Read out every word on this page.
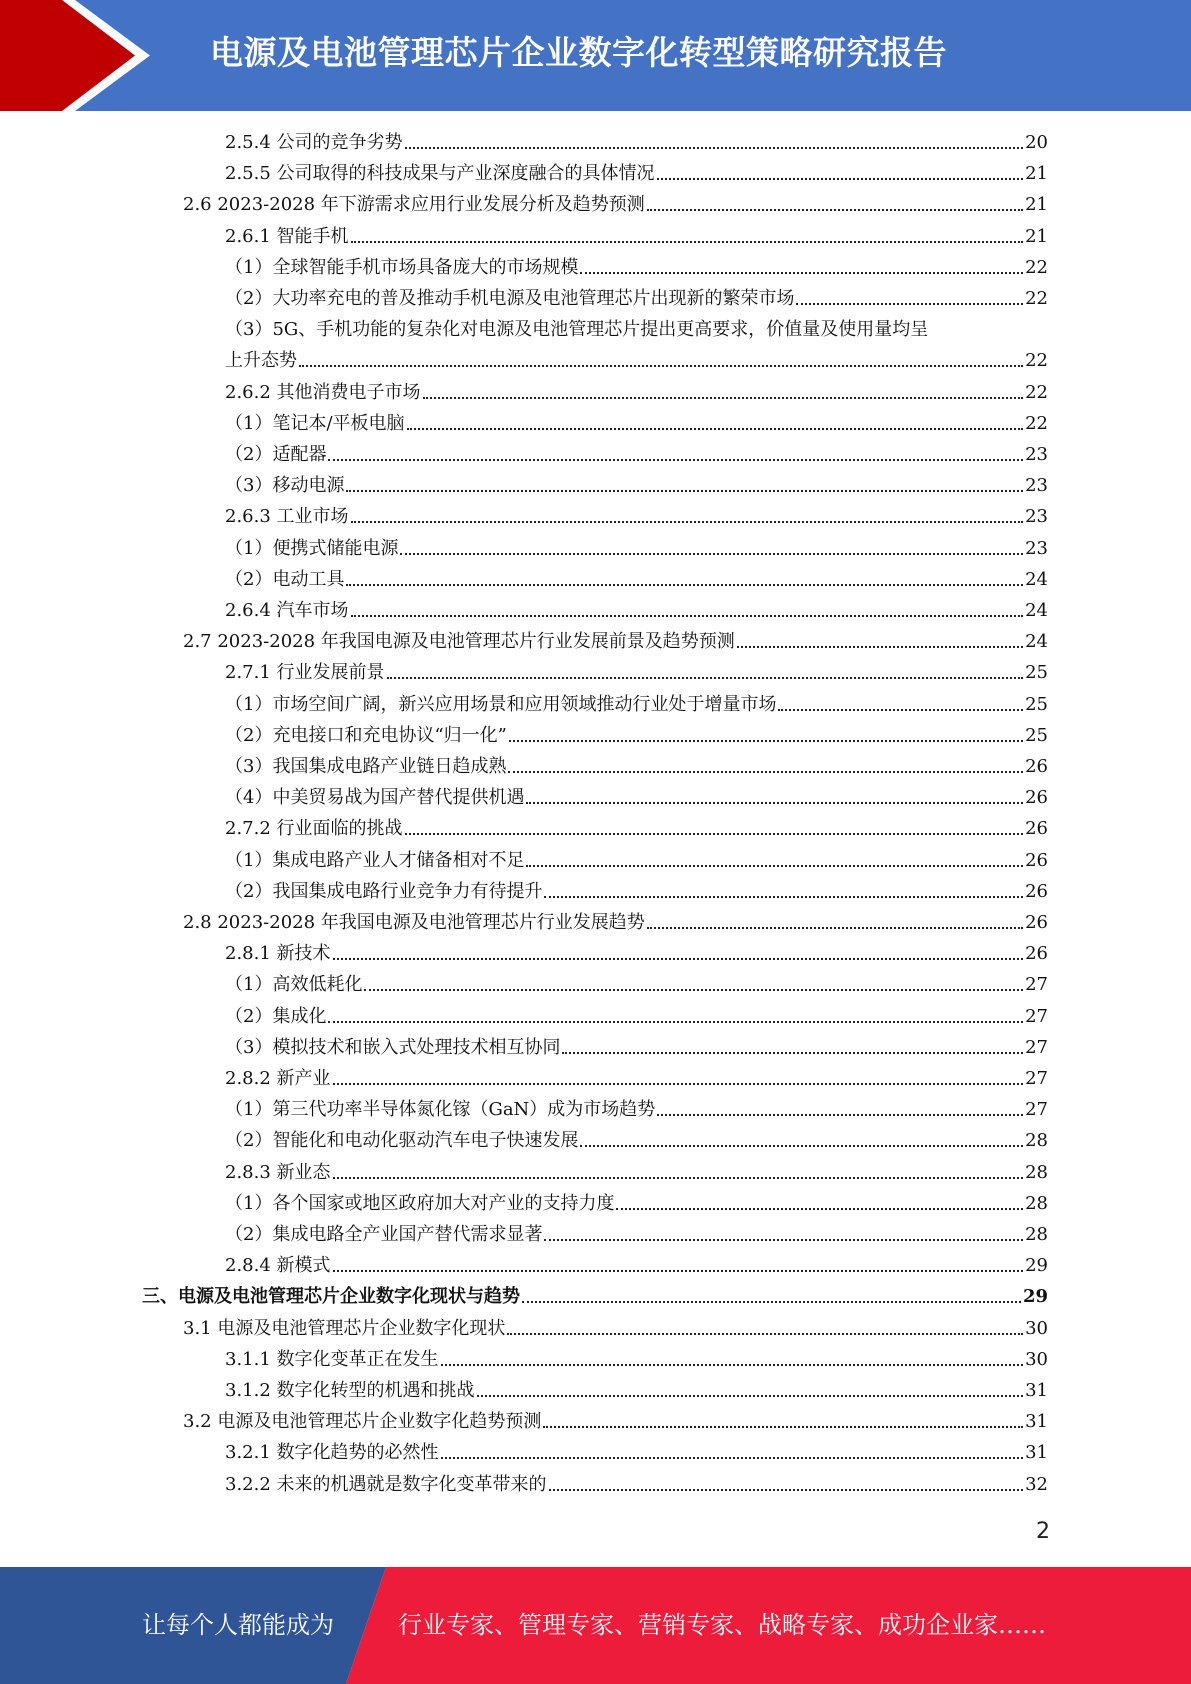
电源及电池管理芯片企业数字化转型策略研究报告
2.5.4 公司的竞争劣势	20
2.5.5 公司取得的科技成果与产业深度融合的具体情况	21
2.6 2023-2028 年下游需求应用行业发展分析及趋势预测	21
2.6.1 智能手机	21
（1）全球智能手机市场具备庞大的市场规模	22
（2）大功率充电的普及推动手机电源及电池管理芯片出现新的繁荣市场	22
（3）5G、手机功能的复杂化对电源及电池管理芯片提出更高要求，价值量及使用量均呈
上升态势	22
2.6.2 其他消费电子市场	22
（1）笔记本/平板电脑	22
（2）适配器	23
（3）移动电源	23
2.6.3 工业市场	23
（1）便携式储能电源	23
（2）电动工具	24
2.6.4 汽车市场	24
2.7 2023-2028 年我国电源及电池管理芯片行业发展前景及趋势预测	24
2.7.1 行业发展前景	25
（1）市场空间广阔，新兴应用场景和应用领域推动行业处于增量市场	25
（2）充电接口和充电协议“归一化”	25
（3）我国集成电路产业链日趋成熟	26
（4）中美贸易战为国产替代提供机遇	26
2.7.2 行业面临的挑战	26
（1）集成电路产业人才储备相对不足	26
（2）我国集成电路行业竞争力有待提升	26
2.8 2023-2028 年我国电源及电池管理芯片行业发展趋势	26
2.8.1 新技术	26
（1）高效低耗化	27
（2）集成化	27
（3）模拟技术和嵌入式处理技术相互协同	27
2.8.2 新产业	27
（1）第三代功率半导体氮化镓（GaN）成为市场趋势	27
（2）智能化和电动化驱动汽车电子快速发展	28
2.8.3 新业态	28
（1）各个国家或地区政府加大对产业的支持力度	28
（2）集成电路全产业国产替代需求显著	28
2.8.4 新模式	29
三、电源及电池管理芯片企业数字化现状与趋势	29
3.1 电源及电池管理芯片企业数字化现状	30
3.1.1 数字化变革正在发生	30
3.1.2 数字化转型的机遇和挑战	31
3.2 电源及电池管理芯片企业数字化趋势预测	31
3.2.1 数字化趋势的必然性	31
3.2.2 未来的机遇就是数字化变革带来的	32
2
让每个人都能成为	行业专家、管理专家、营销专家、战略专家、成功企业家……
